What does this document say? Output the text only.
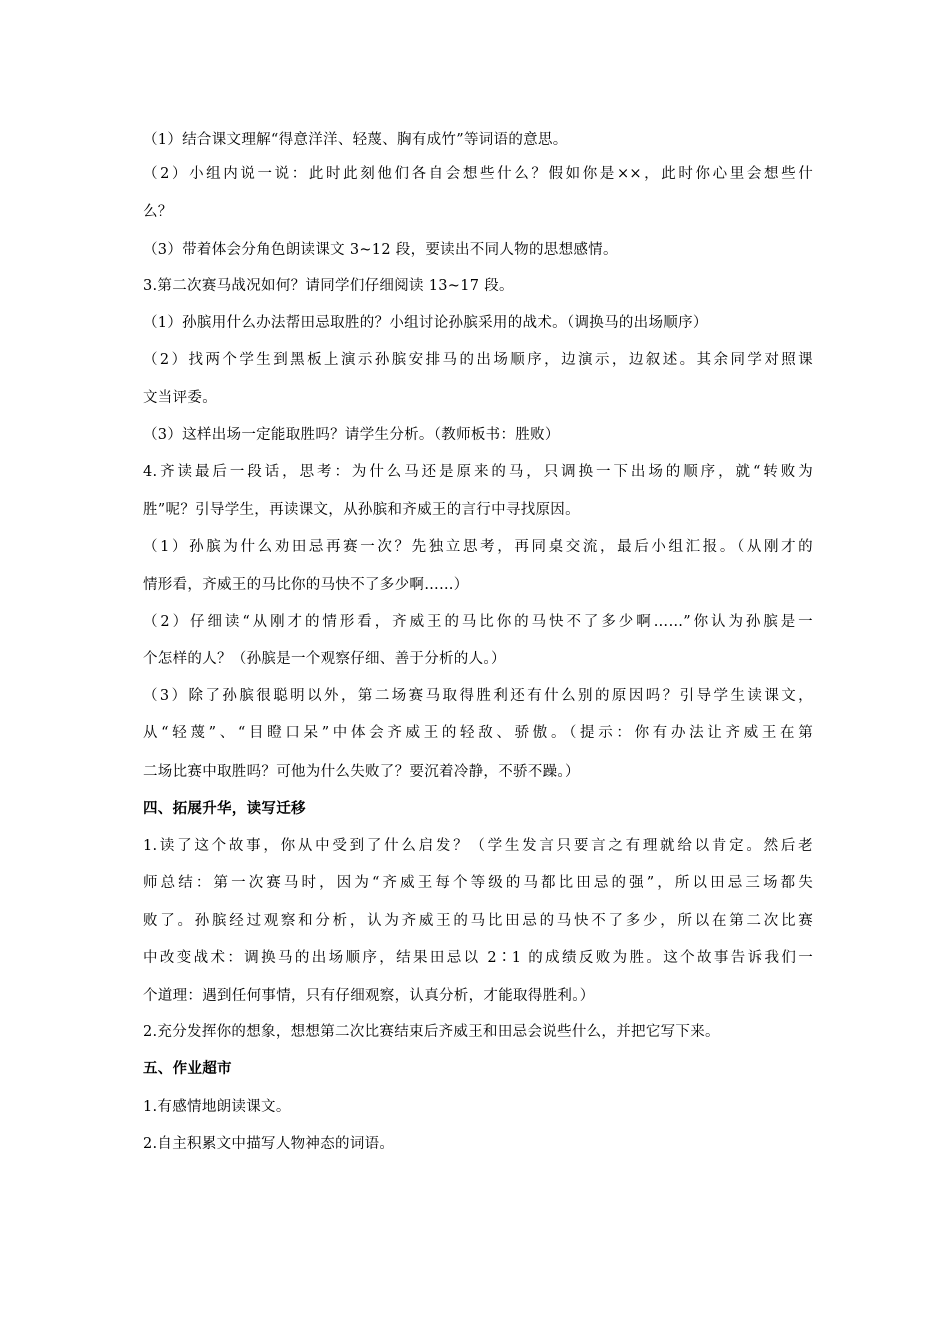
（1）结合课文理解“得意洋洋、轻蔑、胸有成竹”等词语的意思。
（2）小组内说一说：此时此刻他们各自会想些什么？假如你是××，此时你心里会想些什
么？
（3）带着体会分角色朗读课文 3~12 段，要读出不同人物的思想感情。
3.第二次赛马战况如何？请同学们仔细阅读 13~17 段。
（1）孙膑用什么办法帮田忌取胜的？小组讨论孙膑采用的战术。（调换马的出场顺序）
（2）找两个学生到黑板上演示孙膑安排马的出场顺序，边演示，边叙述。其余同学对照课
文当评委。
（3）这样出场一定能取胜吗？请学生分析。（教师板书：胜败）
4.齐读最后一段话，思考：为什么马还是原来的马，只调换一下出场的顺序，就“转败为
胜”呢？引导学生，再读课文，从孙膑和齐威王的言行中寻找原因。
（1）孙膑为什么劝田忌再赛一次？先独立思考，再同桌交流，最后小组汇报。（从刚才的
情形看，齐威王的马比你的马快不了多少啊……）
（2）仔细读“从刚才的情形看，齐威王的马比你的马快不了多少啊……”你认为孙膑是一
个怎样的人？（孙膑是一个观察仔细、善于分析的人。）
（3）除了孙膑很聪明以外，第二场赛马取得胜利还有什么别的原因吗？引导学生读课文，
从“轻蔑”、“目瞪口呆”中体会齐威王的轻敌、骄傲。（提示：你有办法让齐威王在第
二场比赛中取胜吗？可他为什么失败了？要沉着冷静，不骄不躁。）
四、拓展升华，读写迁移
1.读了这个故事，你从中受到了什么启发？（学生发言只要言之有理就给以肯定。然后老
师总结：第一次赛马时，因为“齐威王每个等级的马都比田忌的强”，所以田忌三场都失
败了。孙膑经过观察和分析，认为齐威王的马比田忌的马快不了多少，所以在第二次比赛
中改变战术：调换马的出场顺序，结果田忌以 2∶1 的成绩反败为胜。这个故事告诉我们一
个道理：遇到任何事情，只有仔细观察，认真分析，才能取得胜利。）
2.充分发挥你的想象，想想第二次比赛结束后齐威王和田忌会说些什么，并把它写下来。
五、作业超市
1.有感情地朗读课文。
2.自主积累文中描写人物神态的词语。
